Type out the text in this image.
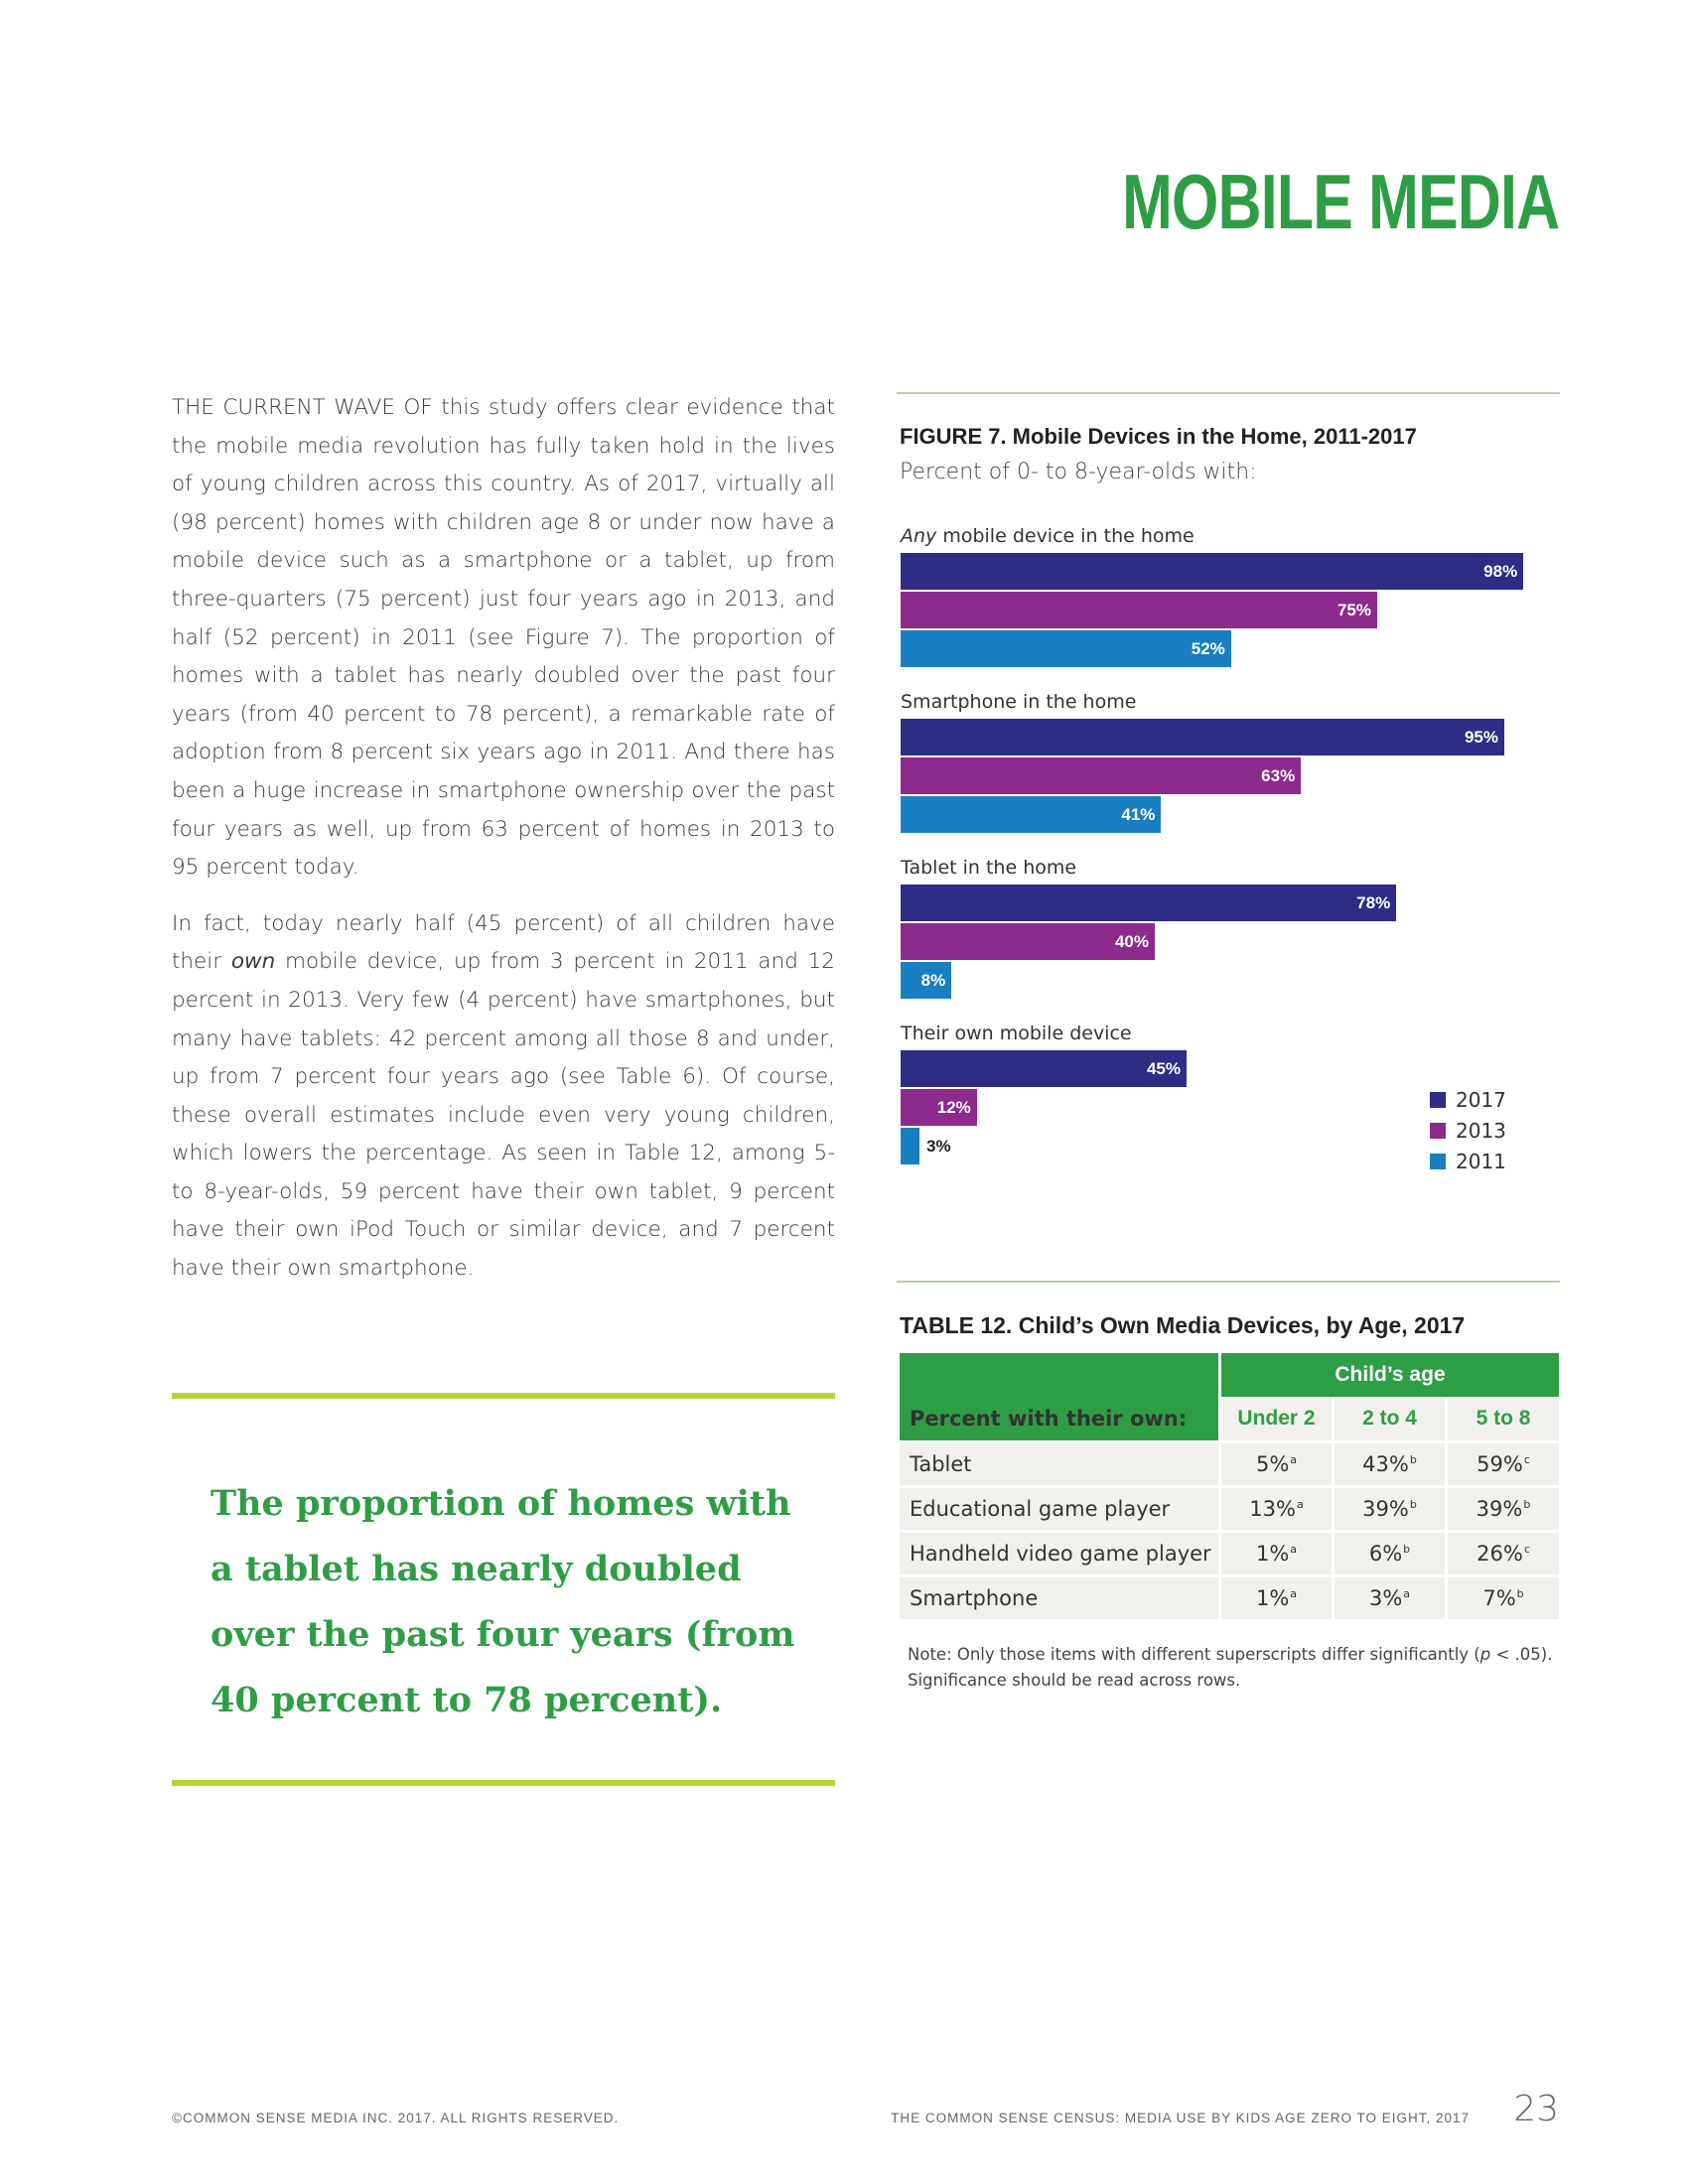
MOBILE MEDIA

THE CURRENT WAVE OF this study offers clear evidence that the mobile media revolution has fully taken hold in the lives of young children across this country. As of 2017, virtually all (98 percent) homes with children age 8 or under now have a mobile device such as a smartphone or a tablet, up from three-quarters (75 percent) just four years ago in 2013, and half (52 percent) in 2011 (see Figure 7). The proportion of homes with a tablet has nearly doubled over the past four years (from 40 percent to 78 percent), a remarkable rate of adoption from 8 percent six years ago in 2011. And there has been a huge increase in smartphone ownership over the past four years as well, up from 63 percent of homes in 2013 to 95 percent today.

In fact, today nearly half (45 percent) of all children have their own mobile device, up from 3 percent in 2011 and 12 percent in 2013. Very few (4 percent) have smartphones, but many have tablets: 42 percent among all those 8 and under, up from 7 percent four years ago (see Table 6). Of course, these overall estimates include even very young children, which lowers the percentage. As seen in Table 12, among 5- to 8-year-olds, 59 percent have their own tablet, 9 percent have their own iPod Touch or similar device, and 7 percent have their own smartphone.

The proportion of homes with a tablet has nearly doubled over the past four years (from 40 percent to 78 percent).
FIGURE 7. Mobile Devices in the Home, 2011-2017
Percent of 0- to 8-year-olds with:
Any mobile device in the home
Smartphone in the home
Tablet in the home
Their own mobile device
98%
75%
52%
95%
63%
41%
78%
40%
8%
45%
12%
3%
2017
2013
2011
TABLE 12. Child’s Own Media Devices, by Age, 2017
	Child’s age		
Percent with their own:	Under 2	2 to 4	5 to 8
Tablet	5%$^a$	43%$^b$	59%$^c$
Educational game player	13%$^a$	39%$^b$	39%$^b$
Handheld video game player	1%$^a$	6%$^b$	26%$^c$
Smartphone	1%$^a$	3%$^a$	7%$^b$
Note: Only those items with different superscripts differ significantly (p < .05). Significance should be read across rows.
©COMMON SENSE MEDIA INC. 2017. ALL RIGHTS RESERVED.	THE COMMON SENSE CENSUS: MEDIA USE BY KIDS AGE ZERO TO EIGHT, 2017 23
